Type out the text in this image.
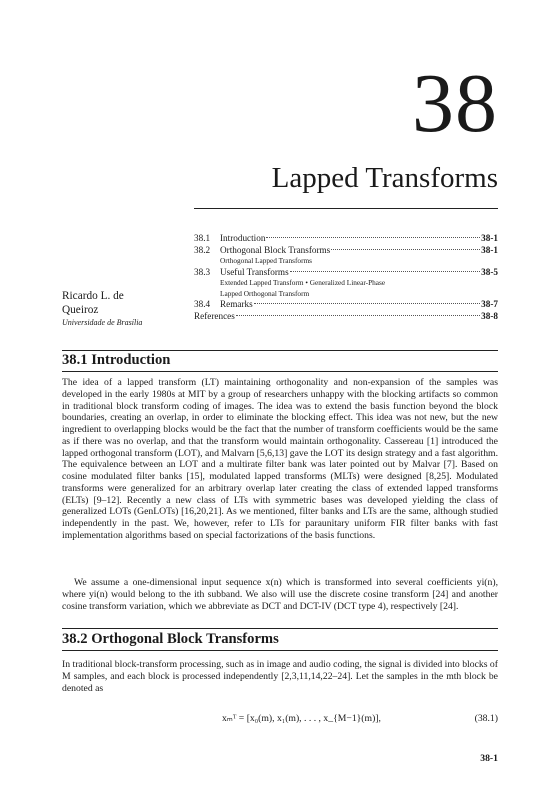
38
Lapped Transforms
38.1	Introduction	38-1
38.2	Orthogonal Block Transforms	38-1
Orthogonal Lapped Transforms
38.3	Useful Transforms	38-5
Extended Lapped Transform • Generalized Linear-Phase
Lapped Orthogonal Transform
38.4	Remarks	38-7
References	38-8
Ricardo L. de
Queiroz
Universidade de Brasília
38.1 Introduction

The idea of a lapped transform (LT) maintaining orthogonality and non-expansion of the samples was developed in the early 1980s at MIT by a group of researchers unhappy with the blocking artifacts so common in traditional block transform coding of images. The idea was to extend the basis function beyond the block boundaries, creating an overlap, in order to eliminate the blocking effect. This idea was not new, but the new ingredient to overlapping blocks would be the fact that the number of transform coefficients would be the same as if there was no overlap, and that the transform would maintain orthogonality. Cassereau [1] introduced the lapped orthogonal transform (LOT), and Malvarn [5,6,13] gave the LOT its design strategy and a fast algorithm. The equivalence between an LOT and a multirate filter bank was later pointed out by Malvar [7]. Based on cosine modulated filter banks [15], modulated lapped transforms (MLTs) were designed [8,25]. Modulated transforms were generalized for an arbitrary overlap later creating the class of extended lapped transforms (ELTs) [9–12]. Recently a new class of LTs with symmetric bases was developed yielding the class of generalized LOTs (GenLOTs) [16,20,21]. As we mentioned, filter banks and LTs are the same, although studied independently in the past. We, however, refer to LTs for paraunitary uniform FIR filter banks with fast implementation algorithms based on special factorizations of the basis functions.

We assume a one-dimensional input sequence x(n) which is transformed into several coefficients yi(n), where yi(n) would belong to the ith subband. We also will use the discrete cosine transform [24] and another cosine transform variation, which we abbreviate as DCT and DCT-IV (DCT type 4), respectively [24].

38.2 Orthogonal Block Transforms

In traditional block-transform processing, such as in image and audio coding, the signal is divided into blocks of M samples, and each block is processed independently [2,3,11,14,22–24]. Let the samples in the mth block be denoted as

xₘᵀ = [x₀(m), x₁(m), . . . , x_{M−1}(m)],	(38.1)
38-1
